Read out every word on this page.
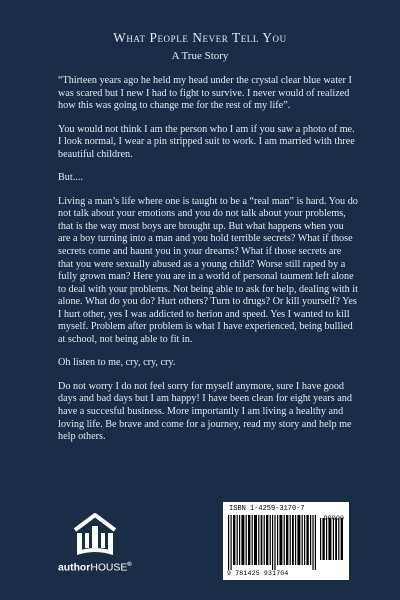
What People Never Tell You
A True Story

“Thirteen years ago he held my head under the crystal clear blue water I was scared but I new I had to fight to survive. I never would of realized how this was going to change me for the rest of my life”.

You would not think I am the person who I am if you saw a photo of me. I look normal, I wear a pin stripped suit to work. I am married with three beautiful children.

But....

Living a man’s life where one is taught to be a “real man” is hard. You do not talk about your emotions and you do not talk about your problems, that is the way most boys are brought up. But what happens when you are a boy turning into a man and you hold terrible secrets? What if those secrets come and haunt you in your dreams? What if those secrets are that you were sexually abused as a young child? Worse still raped by a fully grown man? Here you are in a world of personal taument left alone to deal with your problems. Not being able to ask for help, dealing with it alone. What do you do? Hurt others? Turn to drugs? Or kill yourself? Yes I hurt other, yes I was addicted to herion and speed. Yes I wanted to kill myself. Problem after problem is what I have experienced, being bullied at school, not being able to fit in.

Oh listen to me, cry, cry, cry.

Do not worry I do not feel sorry for myself anymore, sure I have good days and bad days but I am happy! I have been clean for eight years and have a succesful business. More importantly I am living a healthy and loving life. Be brave and come for a journey, read my story and help me help others.

authorHOUSE®
ISBN 1-4259-3170-7
9 781425 931704
